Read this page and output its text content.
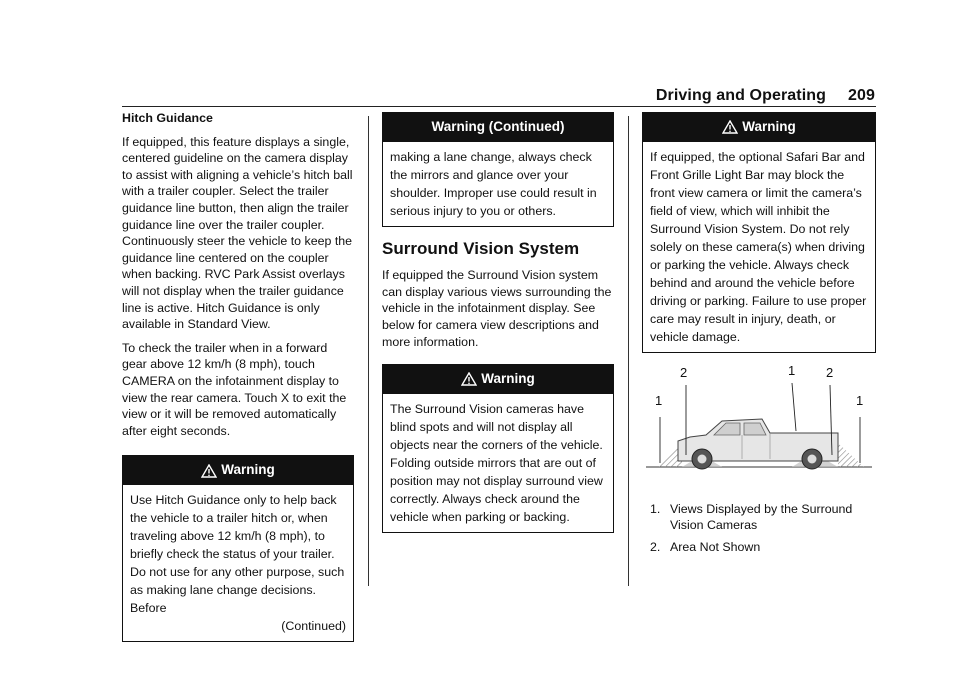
Driving and Operating 209

Hitch Guidance

If equipped, this feature displays a single, centered guideline on the camera display to assist with aligning a vehicle’s hitch ball with a trailer coupler. Select the trailer guidance line button, then align the trailer guidance line over the trailer coupler. Continuously steer the vehicle to keep the guidance line centered on the coupler when backing. RVC Park Assist overlays will not display when the trailer guidance line is active. Hitch Guidance is only available in Standard View.

To check the trailer when in a forward gear above 12 km/h (8 mph), touch CAMERA on the infotainment display to view the rear camera. Touch X to exit the view or it will be removed automatically after eight seconds.

Warning
Use Hitch Guidance only to help back the vehicle to a trailer hitch or, when traveling above 12 km/h (8 mph), to briefly check the status of your trailer. Do not use for any other purpose, such as making lane change decisions. Before
(Continued)
Warning (Continued)
making a lane change, always check the mirrors and glance over your shoulder. Improper use could result in serious injury to you or others.
Surround Vision System

If equipped the Surround Vision system can display various views surrounding the vehicle in the infotainment display. See below for camera view descriptions and more information.

Warning
The Surround Vision cameras have blind spots and will not display all objects near the corners of the vehicle. Folding outside mirrors that are out of position may not display surround view correctly. Always check around the vehicle when parking or backing.
Warning
If equipped, the optional Safari Bar and Front Grille Light Bar may block the front view camera or limit the camera’s field of view, which will inhibit the Surround Vision System. Do not rely solely on these camera(s) when driving or parking the vehicle. Always check behind and around the vehicle before driving or parking. Failure to use proper care may result in injury, death, or vehicle damage.
1
2	1 2
1
1. Views Displayed by the Surround Vision Cameras
2. Area Not Shown
